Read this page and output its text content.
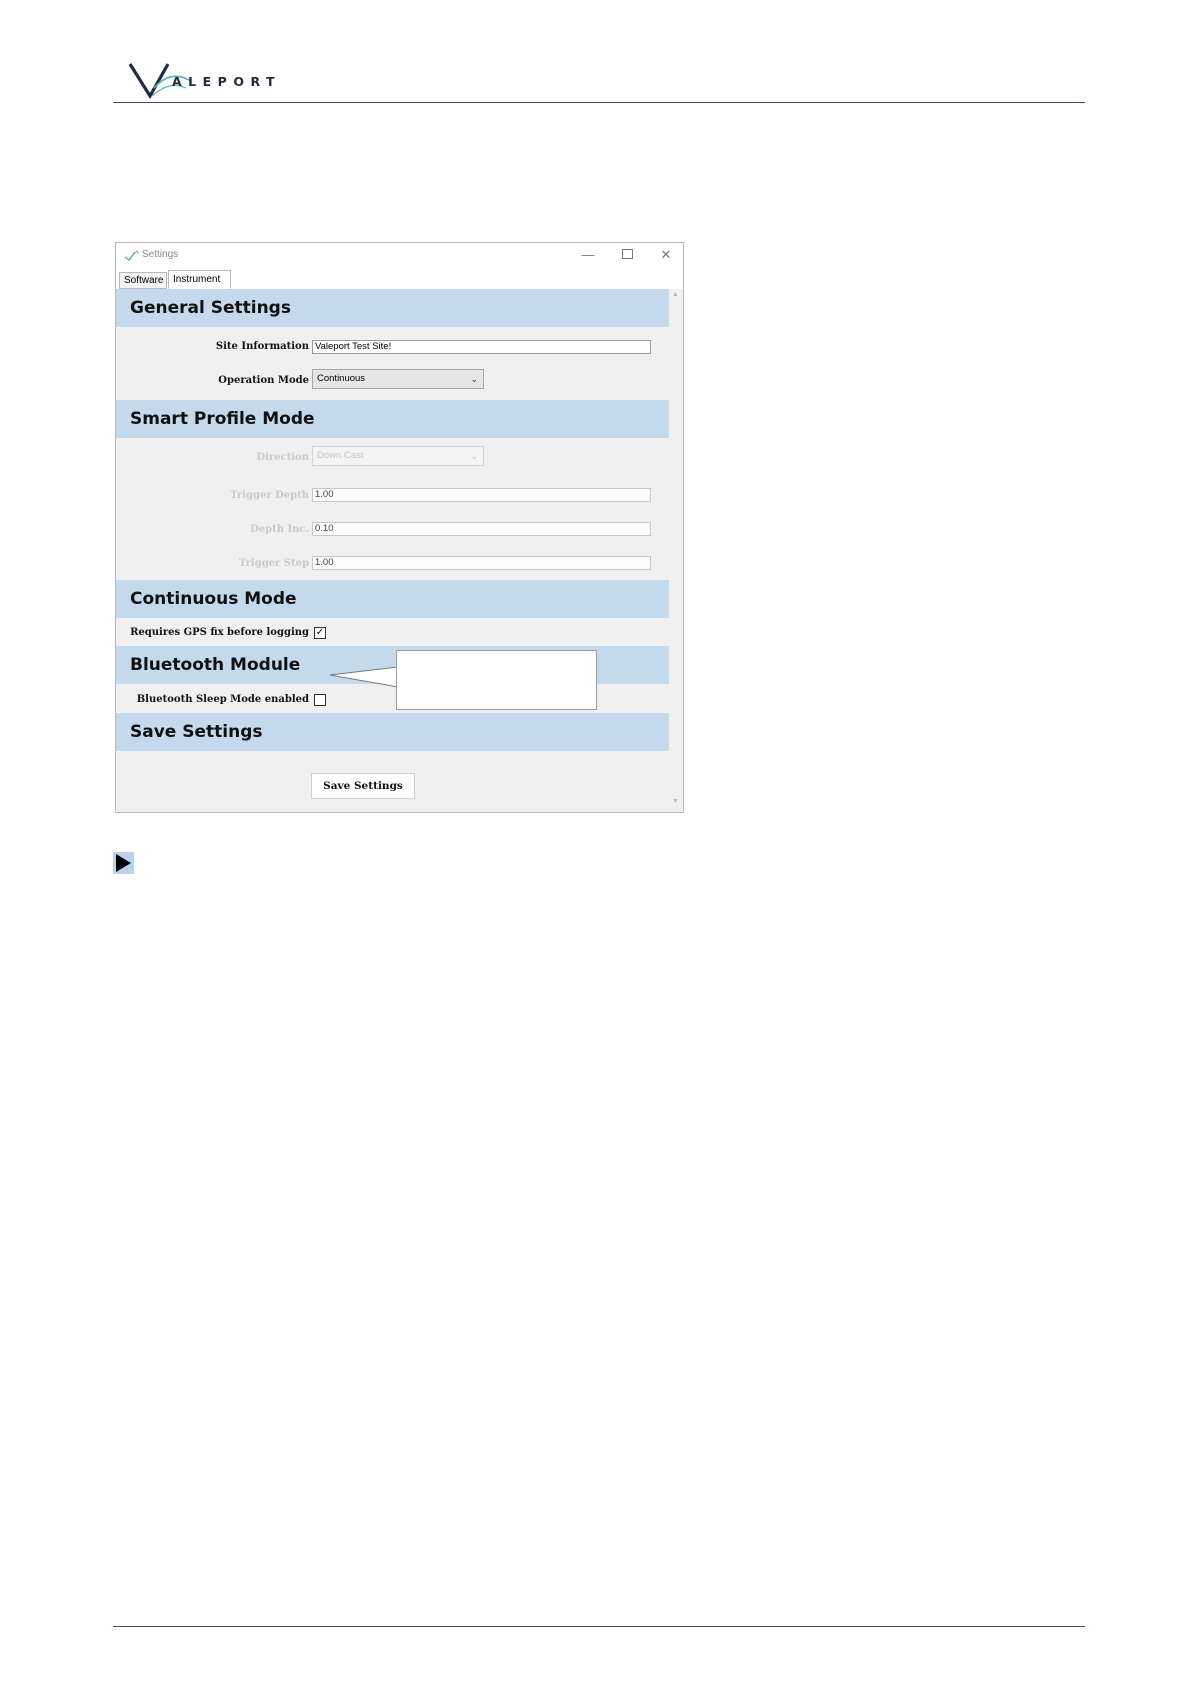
ALEPORT
Settings	—	✕
Software Instrument
General Settings
Site Information Valeport Test Site!
Operation Mode Continuous	⌄
Smart Profile Mode
Direction Down Cast	⌄
Trigger Depth 1.00
Depth Inc. 0.10
Trigger Step 1.00
Continuous Mode
Requires GPS fix before logging ✓
Bluetooth Module
Bluetooth Sleep Mode enabled
Save Settings
Save Settings
▲
▼
